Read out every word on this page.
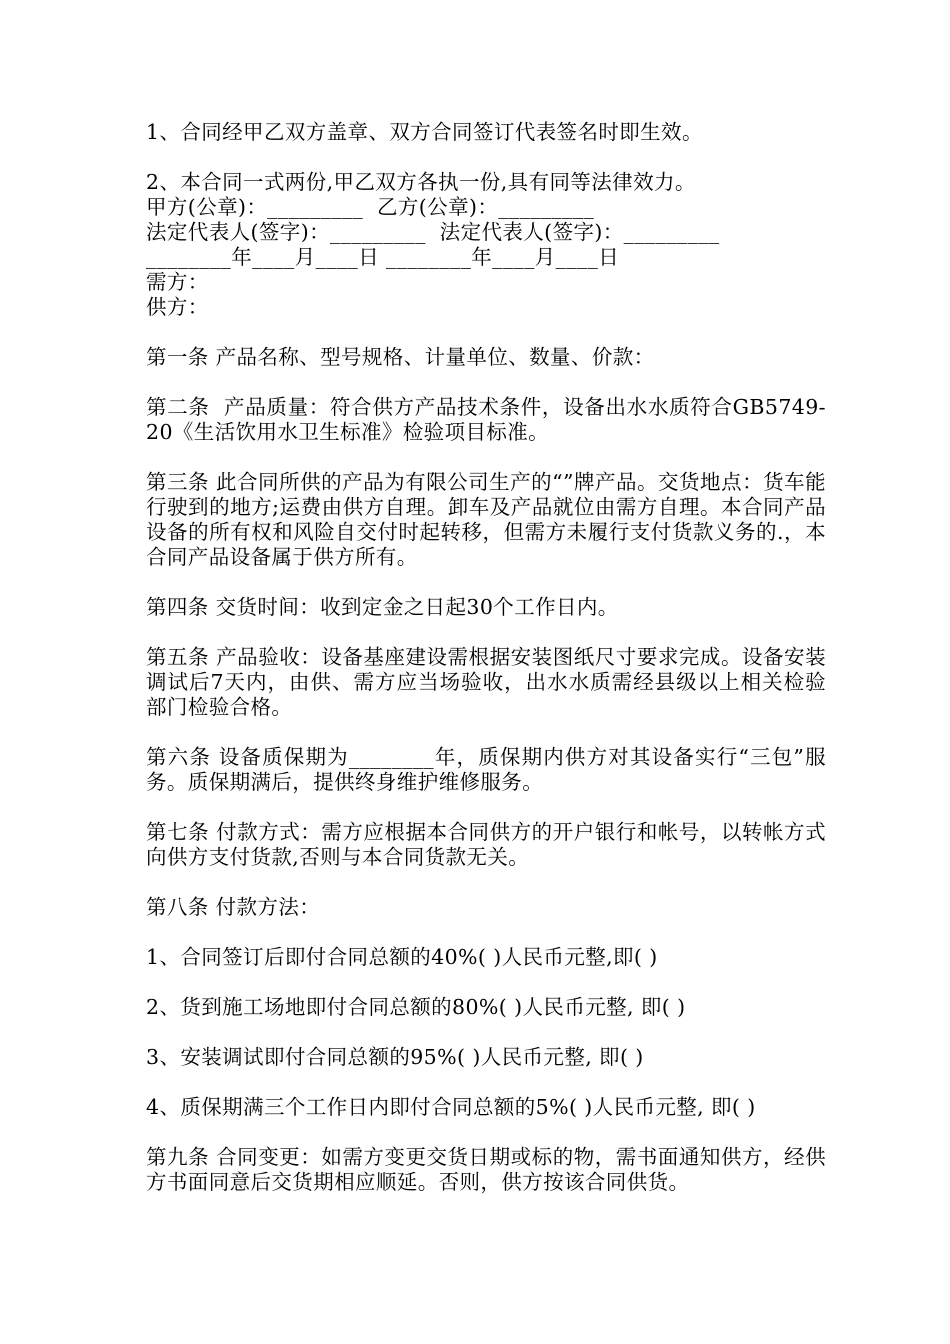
1、合同经甲乙双方盖章、双方合同签订代表签名时即生效。
2、本合同一式两份,甲乙双方各执一份,具有同等法律效力。
甲方(公章)：_________  乙方(公章)：_________
法定代表人(签字)：_________  法定代表人(签字)：_________
________年____月____日 ________年____月____日
需方：
供方：
第一条 产品名称、型号规格、计量单位、数量、价款：
第二条  产品质量：符合供方产品技术条件，设备出水水质符合GB5749-20《生活饮用水卫生标准》检验项目标准。
第三条 此合同所供的产品为有限公司生产的“”牌产品。交货地点：货车能行驶到的地方;运费由供方自理。卸车及产品就位由需方自理。本合同产品设备的所有权和风险自交付时起转移，但需方未履行支付货款义务的.，本合同产品设备属于供方所有。
第四条 交货时间：收到定金之日起30个工作日内。
第五条 产品验收：设备基座建设需根据安装图纸尺寸要求完成。设备安装调试后7天内，由供、需方应当场验收，出水水质需经县级以上相关检验部门检验合格。
第六条 设备质保期为________年，质保期内供方对其设备实行“三包”服务。质保期满后，提供终身维护维修服务。
第七条 付款方式：需方应根据本合同供方的开户银行和帐号，以转帐方式向供方支付货款,否则与本合同货款无关。
第八条 付款方法：
1、合同签订后即付合同总额的40%( )人民币元整,即( )
2、货到施工场地即付合同总额的80%( )人民币元整, 即( )
3、安装调试即付合同总额的95%( )人民币元整, 即( )
4、质保期满三个工作日内即付合同总额的5%( )人民币元整, 即( )
第九条 合同变更：如需方变更交货日期或标的物，需书面通知供方，经供方书面同意后交货期相应顺延。否则，供方按该合同供货。
